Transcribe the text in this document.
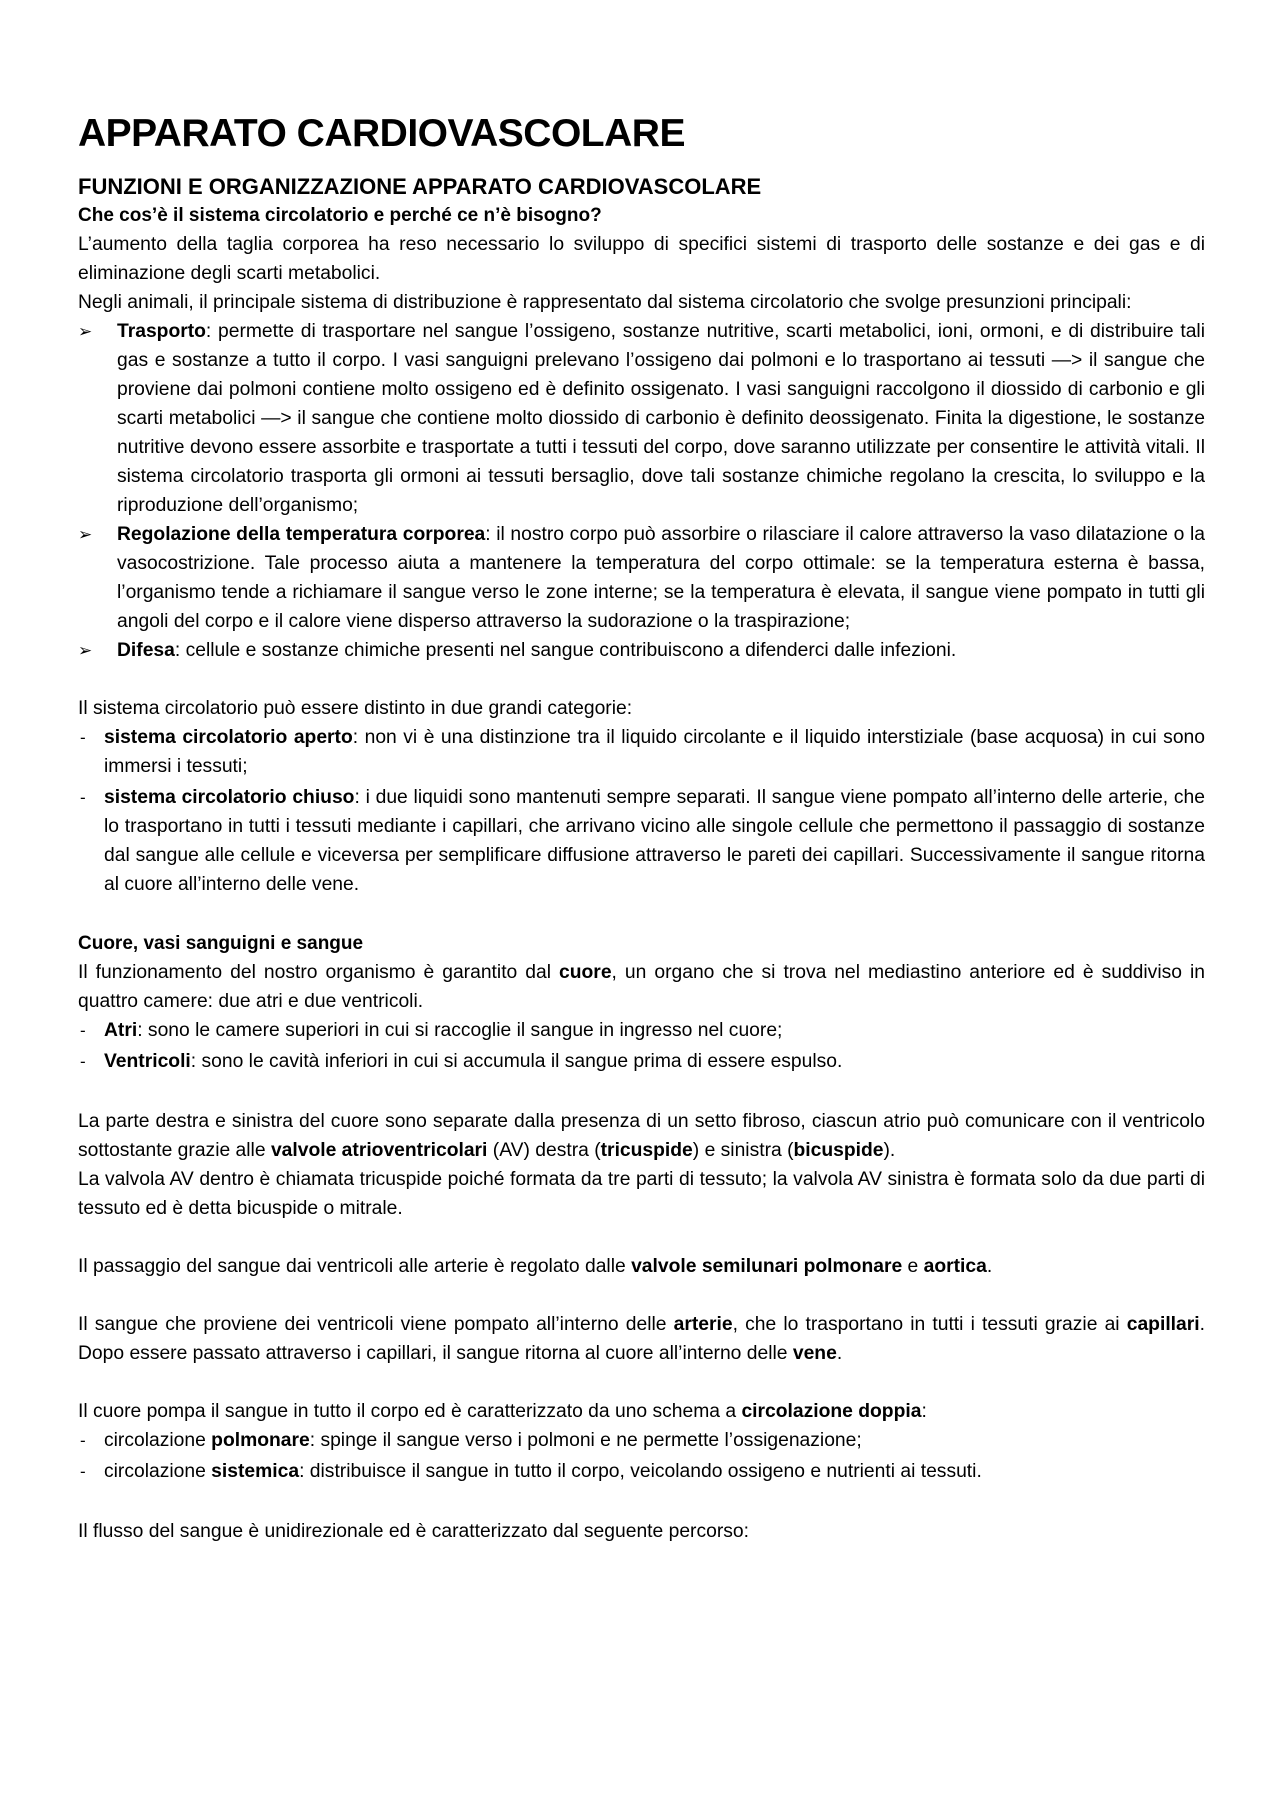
APPARATO CARDIOVASCOLARE
FUNZIONI E ORGANIZZAZIONE APPARATO CARDIOVASCOLARE
Che cos’è il sistema circolatorio e perché ce n’è bisogno?

L’aumento della taglia corporea ha reso necessario lo sviluppo di specifici sistemi di trasporto delle sostanze e dei gas e di eliminazione degli scarti metabolici.

Negli animali, il principale sistema di distribuzione è rappresentato dal sistema circolatorio che svolge presunzioni principali:

➢ Trasporto: permette di trasportare nel sangue l’ossigeno, sostanze nutritive, scarti metabolici, ioni, ormoni, e di distribuire tali gas e sostanze a tutto il corpo. I vasi sanguigni prelevano l’ossigeno dai polmoni e lo trasportano ai tessuti —> il sangue che proviene dai polmoni contiene molto ossigeno ed è definito ossigenato. I vasi sanguigni raccolgono il diossido di carbonio e gli scarti metabolici —> il sangue che contiene molto diossido di carbonio è definito deossigenato. Finita la digestione, le sostanze nutritive devono essere assorbite e trasportate a tutti i tessuti del corpo, dove saranno utilizzate per consentire le attività vitali. Il sistema circolatorio trasporta gli ormoni ai tessuti bersaglio, dove tali sostanze chimiche regolano la crescita, lo sviluppo e la riproduzione dell’organismo;
➢ Regolazione della temperatura corporea: il nostro corpo può assorbire o rilasciare il calore attraverso la vaso dilatazione o la vasocostrizione. Tale processo aiuta a mantenere la temperatura del corpo ottimale: se la temperatura esterna è bassa, l’organismo tende a richiamare il sangue verso le zone interne; se la temperatura è elevata, il sangue viene pompato in tutti gli angoli del corpo e il calore viene disperso attraverso la sudorazione o la traspirazione;
➢ Difesa: cellule e sostanze chimiche presenti nel sangue contribuiscono a difenderci dalle infezioni.

Il sistema circolatorio può essere distinto in due grandi categorie:

- sistema circolatorio aperto: non vi è una distinzione tra il liquido circolante e il liquido interstiziale (base acquosa) in cui sono immersi i tessuti;
- sistema circolatorio chiuso: i due liquidi sono mantenuti sempre separati. Il sangue viene pompato all’interno delle arterie, che lo trasportano in tutti i tessuti mediante i capillari, che arrivano vicino alle singole cellule che permettono il passaggio di sostanze dal sangue alle cellule e viceversa per semplificare diffusione attraverso le pareti dei capillari. Successivamente il sangue ritorna al cuore all’interno delle vene.
Cuore, vasi sanguigni e sangue

Il funzionamento del nostro organismo è garantito dal cuore, un organo che si trova nel mediastino anteriore ed è suddiviso in quattro camere: due atri e due ventricoli.

- Atri: sono le camere superiori in cui si raccoglie il sangue in ingresso nel cuore;
- Ventricoli: sono le cavità inferiori in cui si accumula il sangue prima di essere espulso.

La parte destra e sinistra del cuore sono separate dalla presenza di un setto fibroso, ciascun atrio può comunicare con il ventricolo sottostante grazie alle valvole atrioventricolari (AV) destra (tricuspide) e sinistra (bicuspide).

La valvola AV dentro è chiamata tricuspide poiché formata da tre parti di tessuto; la valvola AV sinistra è formata solo da due parti di tessuto ed è detta bicuspide o mitrale.

Il passaggio del sangue dai ventricoli alle arterie è regolato dalle valvole semilunari polmonare e aortica.

Il sangue che proviene dei ventricoli viene pompato all’interno delle arterie, che lo trasportano in tutti i tessuti grazie ai capillari. Dopo essere passato attraverso i capillari, il sangue ritorna al cuore all’interno delle vene.

Il cuore pompa il sangue in tutto il corpo ed è caratterizzato da uno schema a circolazione doppia:

- circolazione polmonare: spinge il sangue verso i polmoni e ne permette l’ossigenazione;
- circolazione sistemica: distribuisce il sangue in tutto il corpo, veicolando ossigeno e nutrienti ai tessuti.

Il flusso del sangue è unidirezionale ed è caratterizzato dal seguente percorso:
